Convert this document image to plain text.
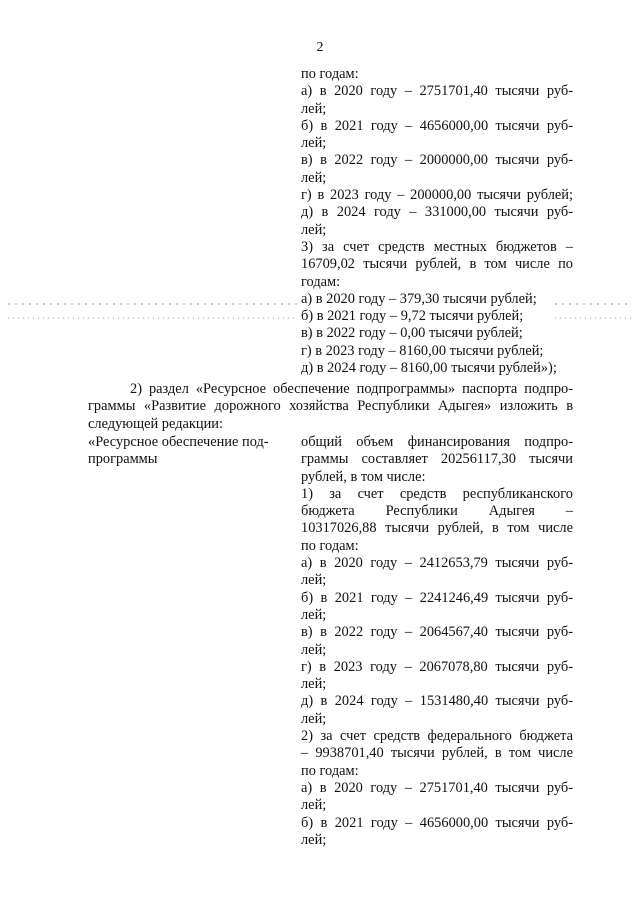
2
по годам:
а) в 2020 году – 2751701,40 тысячи руб-
лей;
б) в 2021 году – 4656000,00 тысячи руб-
лей;
в) в 2022 году – 2000000,00 тысячи руб-
лей;
г) в 2023 году – 200000,00 тысячи рублей;
д) в 2024 году – 331000,00 тысячи руб-
лей;
3) за счет средств местных бюджетов –
16709,02 тысячи рублей, в том числе по
годам:
а) в 2020 году – 379,30 тысячи рублей;
б) в 2021 году – 9,72 тысячи рублей;
в) в 2022 году – 0,00 тысячи рублей;
г) в 2023 году – 8160,00 тысячи рублей;
д) в 2024 году – 8160,00 тысячи рублей»);
2) раздел «Ресурсное обеспечение подпрограммы» паспорта подпро-
граммы «Развитие дорожного хозяйства Республики Адыгея» изложить в
следующей редакции:
«Ресурсное обеспечение под-
программы
общий объем финансирования подпро-
граммы составляет 20256117,30 тысячи
рублей, в том числе:
1) за счет средств республиканского
бюджета Республики Адыгея –
10317026,88 тысячи рублей, в том числе
по годам:
а) в 2020 году – 2412653,79 тысячи руб-
лей;
б) в 2021 году – 2241246,49 тысячи руб-
лей;
в) в 2022 году – 2064567,40 тысячи руб-
лей;
г) в 2023 году – 2067078,80 тысячи руб-
лей;
д) в 2024 году – 1531480,40 тысячи руб-
лей;
2) за счет средств федерального бюджета
– 9938701,40 тысячи рублей, в том числе
по годам:
а) в 2020 году – 2751701,40 тысячи руб-
лей;
б) в 2021 году – 4656000,00 тысячи руб-
лей;
